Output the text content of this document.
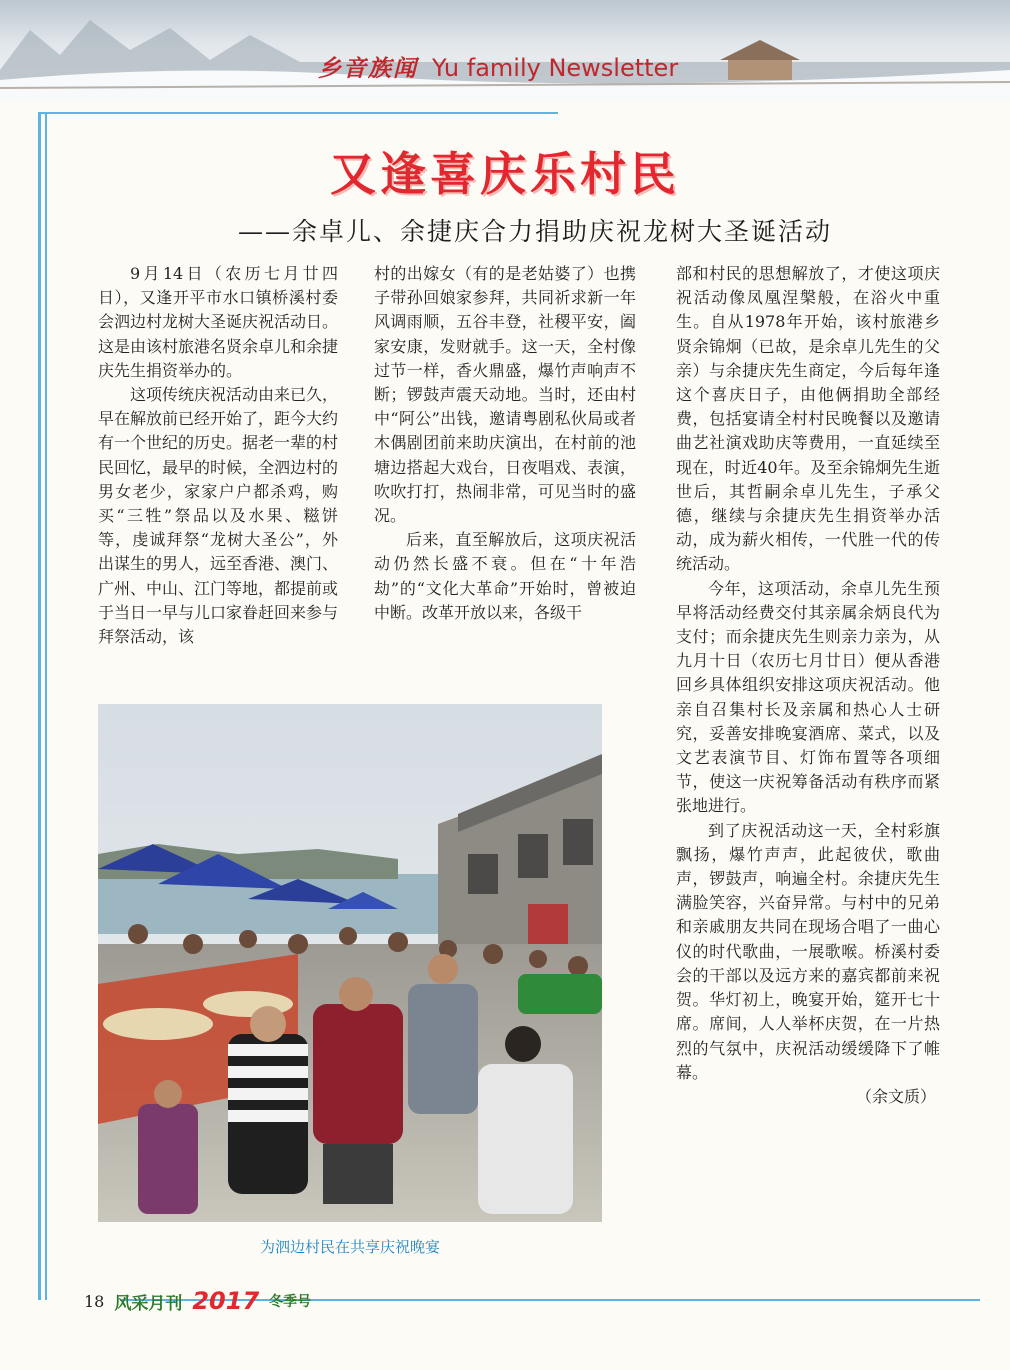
乡音族闻 Yu family Newsletter
又逢喜庆乐村民
——余卓儿、余捷庆合力捐助庆祝龙树大圣诞活动

9月14日（农历七月廿四日），又逢开平市水口镇桥溪村委会泗边村龙树大圣诞庆祝活动日。这是由该村旅港名贤余卓儿和余捷庆先生捐资举办的。

这项传统庆祝活动由来已久，早在解放前已经开始了，距今大约有一个世纪的历史。据老一辈的村民回忆，最早的时候，全泗边村的男女老少，家家户户都杀鸡，购买“三牲”祭品以及水果、糍饼等，虔诚拜祭“龙树大圣公”，外出谋生的男人，远至香港、澳门、广州、中山、江门等地，都提前或于当日一早与儿口家眷赶回来参与拜祭活动，该

村的出嫁女（有的是老姑婆了）也携子带孙回娘家参拜，共同祈求新一年风调雨顺，五谷丰登，社稷平安，阖家安康，发财就手。这一天，全村像过节一样，香火鼎盛，爆竹声响声不断；锣鼓声震天动地。当时，还由村中“阿公”出钱，邀请粤剧私伙局或者木偶剧团前来助庆演出，在村前的池塘边搭起大戏台，日夜唱戏、表演，吹吹打打，热闹非常，可见当时的盛况。

后来，直至解放后，这项庆祝活动仍然长盛不衰。但在“十年浩劫”的“文化大革命”开始时，曾被迫中断。改革开放以来，各级干

部和村民的思想解放了，才使这项庆祝活动像凤凰涅槃般，在浴火中重生。自从1978年开始，该村旅港乡贤余锦炯（已故，是余卓儿先生的父亲）与余捷庆先生商定，今后每年逢这个喜庆日子，由他俩捐助全部经费，包括宴请全村村民晚餐以及邀请曲艺社演戏助庆等费用，一直延续至现在，时近40年。及至余锦炯先生逝世后，其哲嗣余卓儿先生，子承父德，继续与余捷庆先生捐资举办活动，成为薪火相传，一代胜一代的传统活动。

今年，这项活动，余卓儿先生预早将活动经费交付其亲属余炳良代为支付；而余捷庆先生则亲力亲为，从九月十日（农历七月廿日）便从香港回乡具体组织安排这项庆祝活动。他亲自召集村长及亲属和热心人士研究，妥善安排晚宴酒席、菜式，以及文艺表演节目、灯饰布置等各项细节，使这一庆祝筹备活动有秩序而紧张地进行。

到了庆祝活动这一天，全村彩旗飘扬，爆竹声声，此起彼伏，歌曲声，锣鼓声，响遍全村。余捷庆先生满脸笑容，兴奋异常。与村中的兄弟和亲戚朋友共同在现场合唱了一曲心仪的时代歌曲，一展歌喉。桥溪村委会的干部以及远方来的嘉宾都前来祝贺。华灯初上，晚宴开始，筵开七十席。席间，人人举杯庆贺，在一片热烈的气氛中，庆祝活动缓缓降下了帷幕。

（余文质）
为泗边村民在共享庆祝晚宴
18 风采月刊 2017 冬季号
